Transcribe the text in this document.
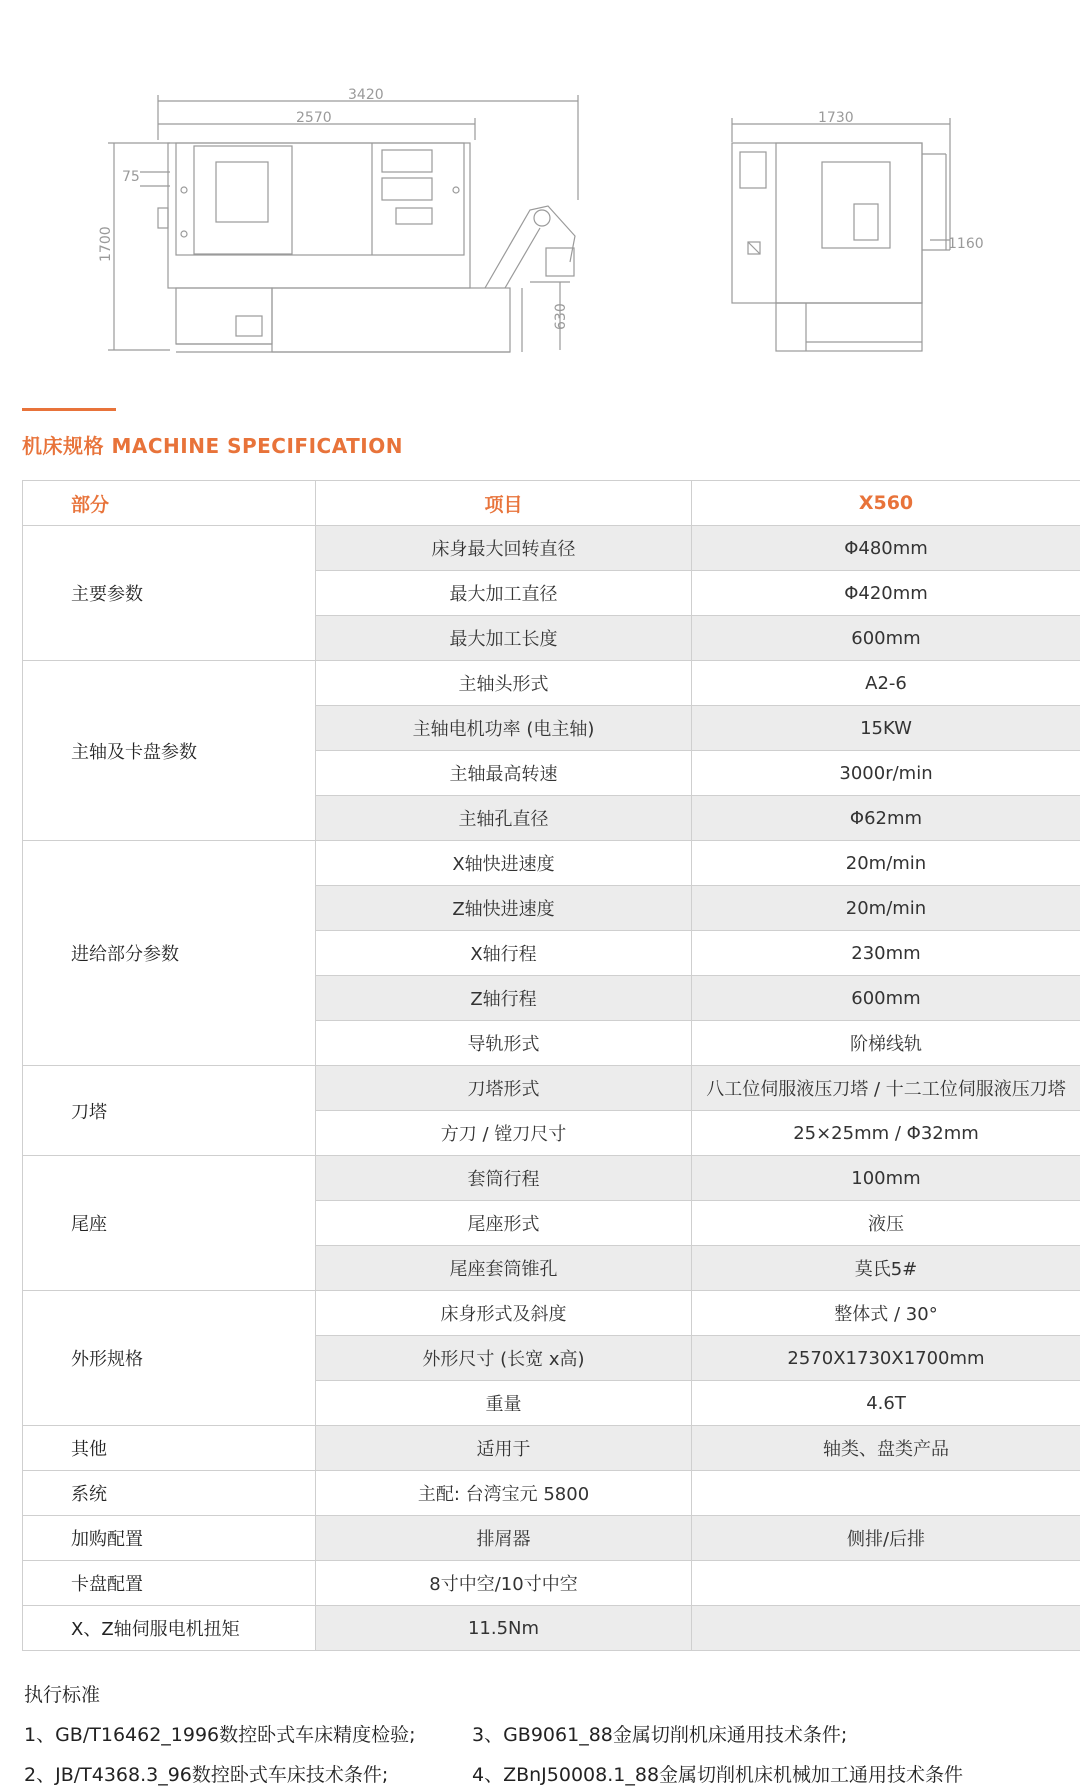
3420
2570
75
1700
630
1730
1160
机床规格 MACHINE SPECIFICATION
部分	项目	X560
主要参数	床身最大回转直径	Φ480mm
	最大加工直径	Φ420mm
	最大加工长度	600mm
主轴及卡盘参数	主轴头形式	A2-6
	主轴电机功率 (电主轴)	15KW
	主轴最高转速	3000r/min
	主轴孔直径	Φ62mm
进给部分参数	X轴快进速度	20m/min
	Z轴快进速度	20m/min
	X轴行程	230mm
	Z轴行程	600mm
	导轨形式	阶梯线轨
刀塔	刀塔形式	八工位伺服液压刀塔 / 十二工位伺服液压刀塔
	方刀 / 镗刀尺寸	25×25mm / Φ32mm
尾座	套筒行程	100mm
	尾座形式	液压
	尾座套筒锥孔	莫氏5#
外形规格	床身形式及斜度	整体式 / 30°
	外形尺寸 (长宽 x高)	2570X1730X1700mm
	重量	4.6T
其他	适用于	轴类、盘类产品
系统	主配: 台湾宝元 5800	
加购配置	排屑器	侧排/后排
卡盘配置	8寸中空/10寸中空	
X、Z轴伺服电机扭矩	11.5Nm	
执行标准
1、GB/T16462_1996数控卧式车床精度检验;	3、GB9061_88金属切削机床通用技术条件;
2、JB/T4368.3_96数控卧式车床技术条件;	4、ZBnJ50008.1_88金属切削机床机械加工通用技术条件
